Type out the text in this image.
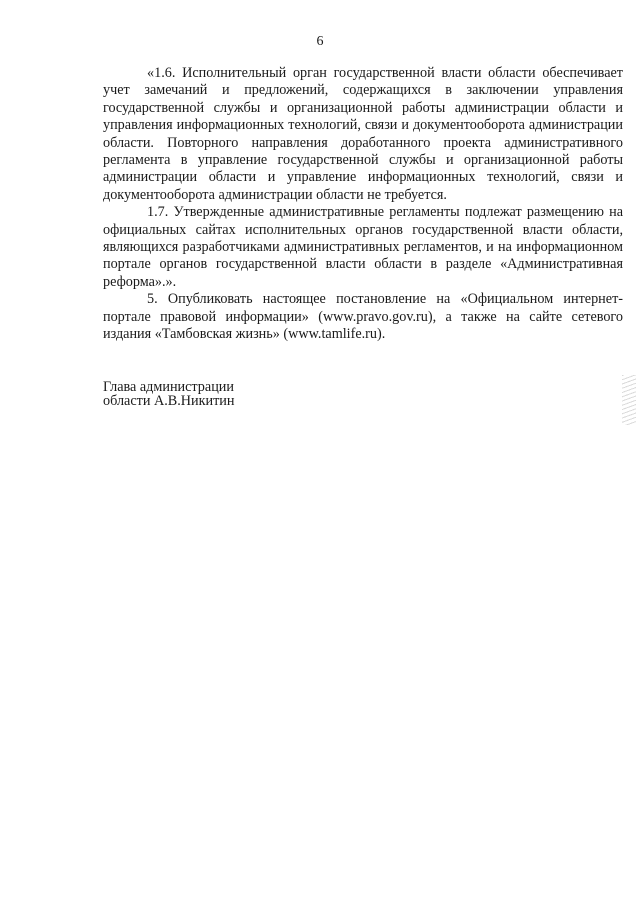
6

«1.6. Исполнительный орган государственной власти области обеспечивает учет замечаний и предложений, содержащихся в заключении управления государственной службы и организационной работы администрации области и управления информационных технологий, связи и документооборота администрации области. Повторного направления доработанного проекта административного регламента в управление государственной службы и организационной работы администрации области и управление информационных технологий, связи и документооборота администрации области не требуется.

1.7. Утвержденные административные регламенты подлежат размещению на официальных сайтах исполнительных органов государственной власти области, являющихся разработчиками административных регламентов, и на информационном портале органов государственной власти области в разделе «Административная реформа».».

5. Опубликовать настоящее постановление на «Официальном интернет-портале правовой информации» (www.pravo.gov.ru), а также на сайте сетевого издания «Тамбовская жизнь» (www.tamlife.ru).

Глава администрации
области А.В.Никитин
